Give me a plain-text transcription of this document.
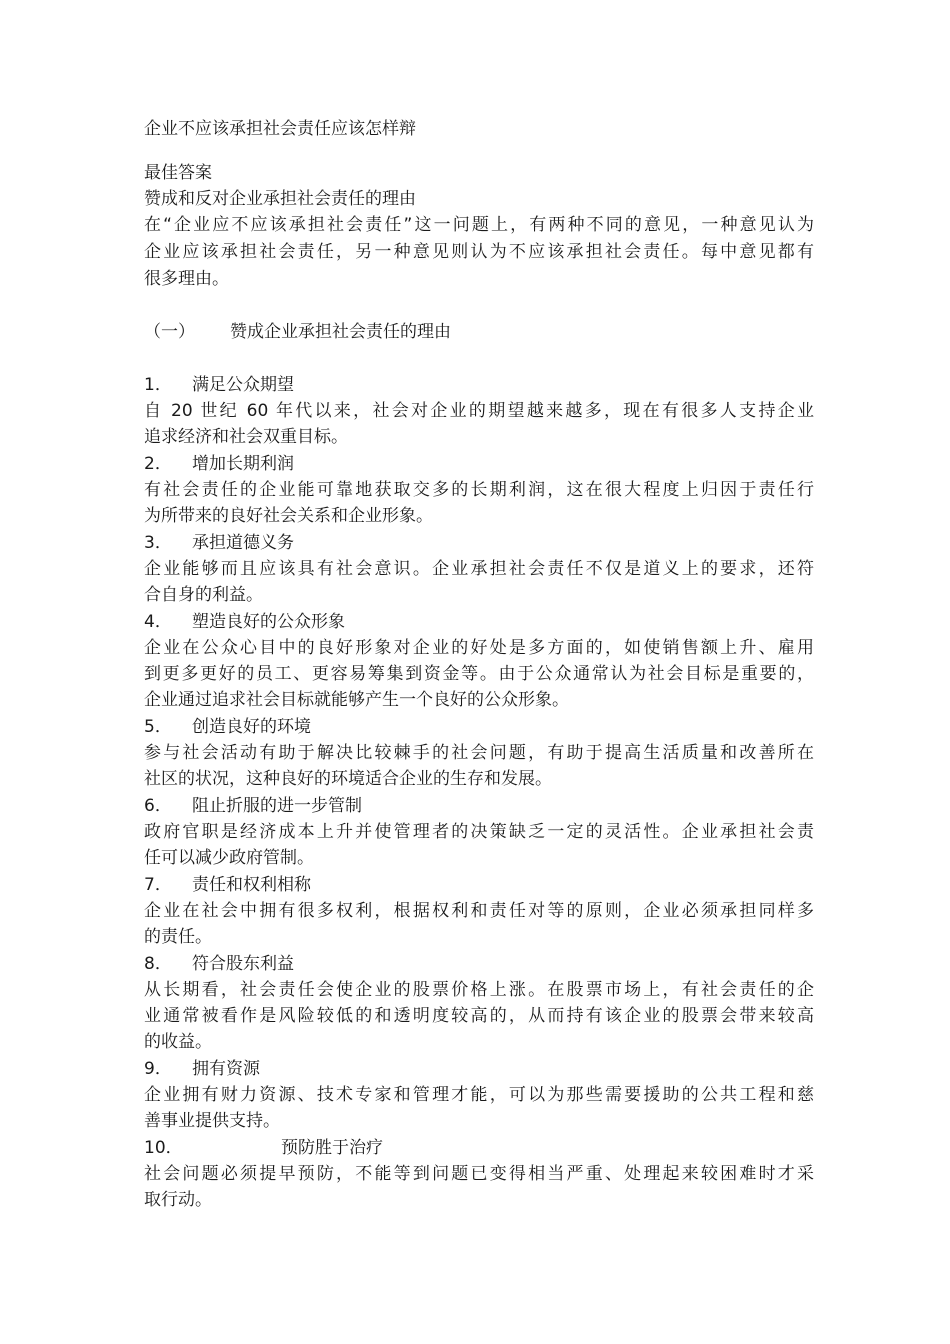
企业不应该承担社会责任应该怎样辩
最佳答案
赞成和反对企业承担社会责任的理由
在“企业应不应该承担社会责任”这一问题上，有两种不同的意见，一种意见认为
企业应该承担社会责任，另一种意见则认为不应该承担社会责任。每中意见都有
很多理由。
（一） 赞成企业承担社会责任的理由
1． 满足公众期望
自 20 世纪 60 年代以来，社会对企业的期望越来越多，现在有很多人支持企业
追求经济和社会双重目标。
2． 增加长期利润
有社会责任的企业能可靠地获取交多的长期利润，这在很大程度上归因于责任行
为所带来的良好社会关系和企业形象。
3． 承担道德义务
企业能够而且应该具有社会意识。企业承担社会责任不仅是道义上的要求，还符
合自身的利益。
4． 塑造良好的公众形象
企业在公众心目中的良好形象对企业的好处是多方面的，如使销售额上升、雇用
到更多更好的员工、更容易筹集到资金等。由于公众通常认为社会目标是重要的，
企业通过追求社会目标就能够产生一个良好的公众形象。
5． 创造良好的环境
参与社会活动有助于解决比较棘手的社会问题，有助于提高生活质量和改善所在
社区的状况，这种良好的环境适合企业的生存和发展。
6． 阻止折服的进一步管制
政府官职是经济成本上升并使管理者的决策缺乏一定的灵活性。企业承担社会责
任可以减少政府管制。
7． 责任和权利相称
企业在社会中拥有很多权利，根据权利和责任对等的原则，企业必须承担同样多
的责任。
8． 符合股东利益
从长期看，社会责任会使企业的股票价格上涨。在股票市场上，有社会责任的企
业通常被看作是风险较低的和透明度较高的，从而持有该企业的股票会带来较高
的收益。
9． 拥有资源
企业拥有财力资源、技术专家和管理才能，可以为那些需要援助的公共工程和慈
善事业提供支持。
10．	预防胜于治疗
社会问题必须提早预防，不能等到问题已变得相当严重、处理起来较困难时才采
取行动。
